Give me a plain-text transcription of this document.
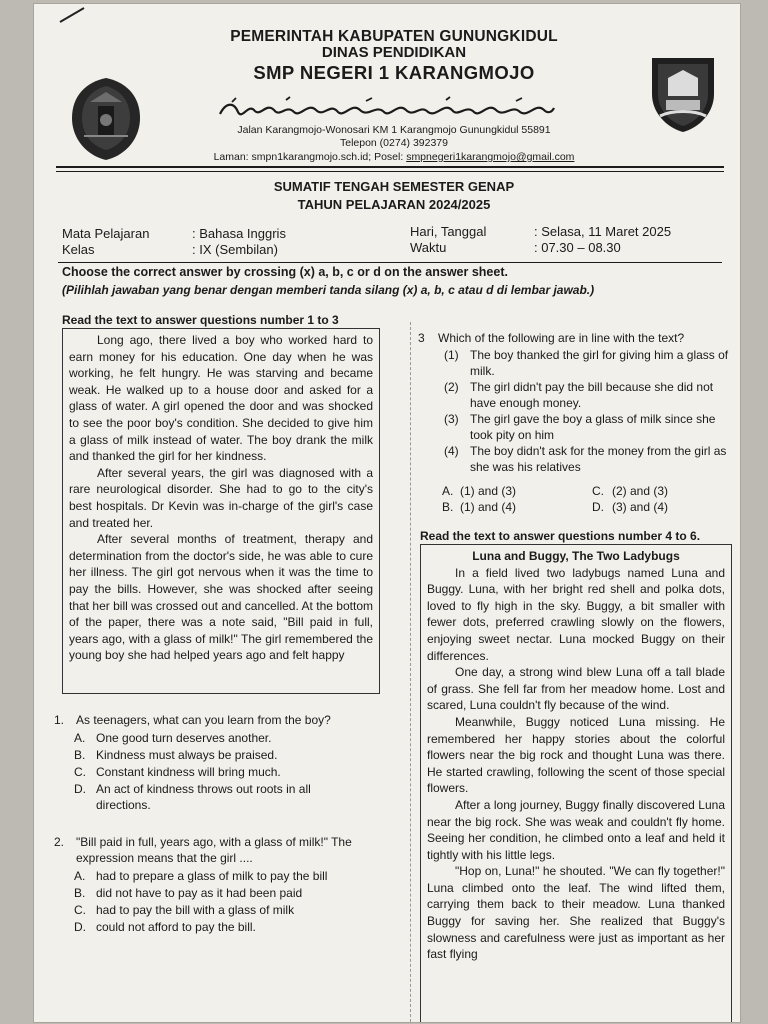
PEMERINTAH KABUPATEN GUNUNGKIDUL
DINAS PENDIDIKAN
SMP NEGERI 1 KARANGMOJO
Jalan Karangmojo-Wonosari KM 1 Karangmojo Gunungkidul 55891
Telepon (0274) 392379
Laman: smpn1karangmojo.sch.id; Posel: smpnegeri1karangmojo@gmail.com
SUMATIF TENGAH SEMESTER GENAP
TAHUN PELAJARAN 2024/2025
Mata Pelajaran	: Bahasa Inggris
Kelas	: IX (Sembilan)
Hari, Tanggal	: Selasa, 11 Maret 2025
Waktu	: 07.30 – 08.30
Choose the correct answer by crossing (x) a, b, c or d on the answer sheet.
(Pilihlah jawaban yang benar dengan memberi tanda silang (x) a, b, c atau d di lembar jawab.)
Read the text to answer questions number 1 to 3

Long ago, there lived a boy who worked hard to earn money for his education. One day when he was working, he felt hungry. He was starving and became weak. He walked up to a house door and asked for a glass of water. A girl opened the door and was shocked to see the poor boy's condition. She decided to give him a glass of milk instead of water. The boy drank the milk and thanked the girl for her kindness.

After several years, the girl was diagnosed with a rare neurological disorder. She had to go to the city's best hospitals. Dr Kevin was in-charge of the girl's case and treated her.

After several months of treatment, therapy and determination from the doctor's side, he was able to cure her illness. The girl got nervous when it was the time to pay the bills. However, she was shocked after seeing that her bill was crossed out and cancelled. At the bottom of the paper, there was a note said, "Bill paid in full, years ago, with a glass of milk!" The girl remembered the young boy she had helped years ago and felt happy

1. As teenagers, what can you learn from the boy?
A. One good turn deserves another.
B. Kindness must always be praised.
C. Constant kindness will bring much.
D. An act of kindness throws out roots in all directions.
2. "Bill paid in full, years ago, with a glass of milk!" The expression means that the girl ....
A. had to prepare a glass of milk to pay the bill
B. did not have to pay as it had been paid
C. had to pay the bill with a glass of milk
D. could not afford to pay the bill.
3 Which of the following are in line with the text?
(1) The boy thanked the girl for giving him a glass of milk.
(2) The girl didn't pay the bill because she did not have enough money.
(3) The girl gave the boy a glass of milk since she took pity on him
(4) The boy didn't ask for the money from the girl as she was his relatives
A. (1) and (3)
B. (1) and (4)
C. (2) and (3)
D. (3) and (4)
Read the text to answer questions number 4 to 6.

Luna and Buggy, The Two Ladybugs

In a field lived two ladybugs named Luna and Buggy. Luna, with her bright red shell and polka dots, loved to fly high in the sky. Buggy, a bit smaller with fewer dots, preferred crawling slowly on the flowers, enjoying sweet nectar. Luna mocked Buggy on their differences.

One day, a strong wind blew Luna off a tall blade of grass. She fell far from her meadow home. Lost and scared, Luna couldn't fly because of the wind.

Meanwhile, Buggy noticed Luna missing. He remembered her happy stories about the colorful flowers near the big rock and thought Luna was there. He started crawling, following the scent of those special flowers.

After a long journey, Buggy finally discovered Luna near the big rock. She was weak and couldn't fly home. Seeing her condition, he climbed onto a leaf and held it tightly with his little legs.

"Hop on, Luna!" he shouted. "We can fly together!" Luna climbed onto the leaf. The wind lifted them, carrying them back to their meadow. Luna thanked Buggy for saving her. She realized that Buggy's slowness and carefulness were just as important as her fast flying
